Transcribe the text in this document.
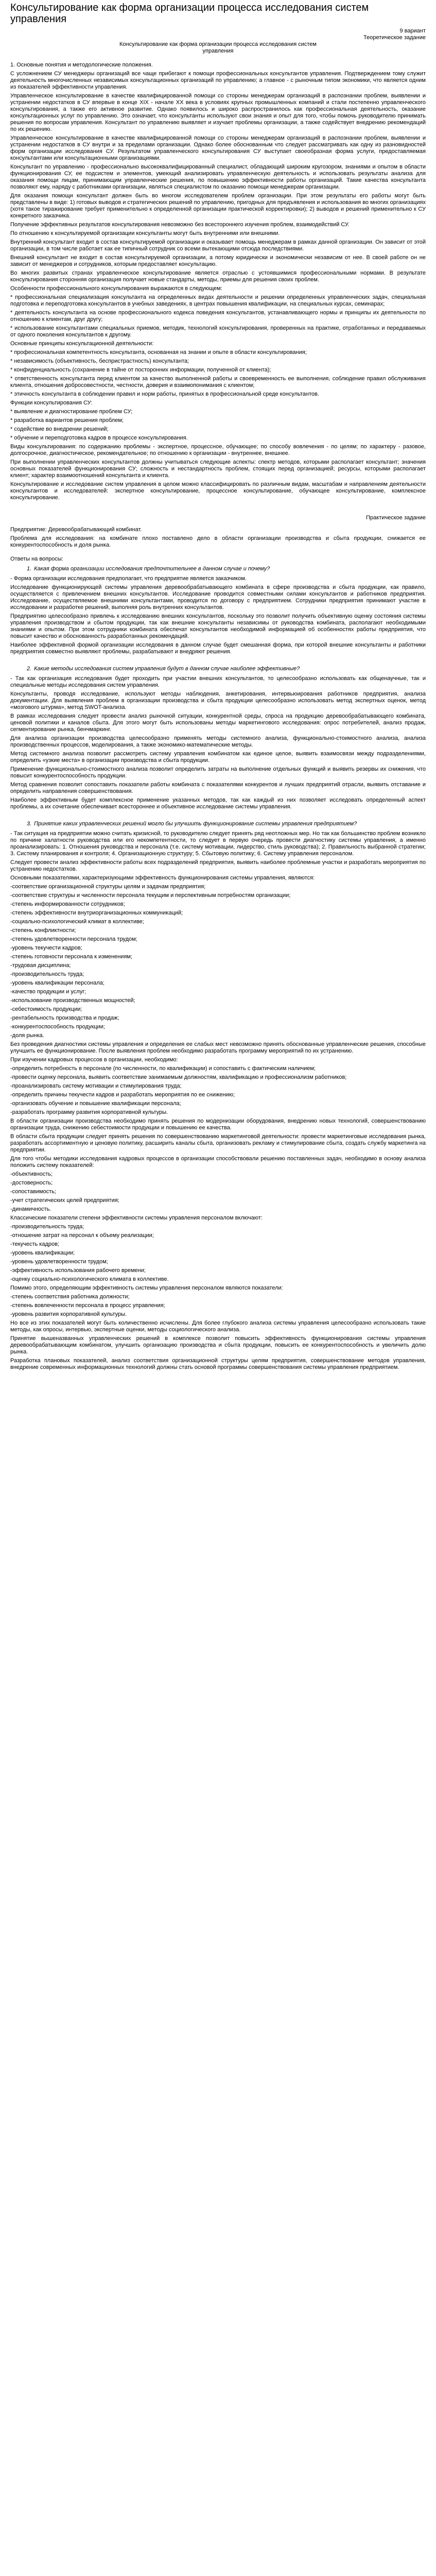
Консультирование как форма организации процесса исследования систем управления
9 вариант
Теоретическое задание
Консультирование как форма организации процесса исследования систем
управления
1. Основные понятия и методологические положения.

С усложнением СУ менеджеры организаций все чаще прибегают к помощи профессиональных консультантов управления. Подтверждением тому служит деятельность многочисленных независимых консультационных организаций по управлению; а главное - с рыночным типом экономики, что является одним из показателей эффективности управления.

Управленческое консультирование в качестве квалифицированной помощи со стороны менеджерам организаций в распознании проблем, выявлении и устранении недостатков в СУ впервые в конце XIX - начале ХХ века в условиях крупных промышленных компаний и стали постепенно управленческого консультирования, а также его активное развитие. Однако появилось и широко распространилось как профессиональная деятельность, оказание консультационных услуг по управлению. Это означает, что консультанты используют свои знания и опыт для того, чтобы помочь руководителю принимать решения по вопросам управления. Консультант по управлению выявляет и изучает проблемы организации, а также содействует внедрению рекомендаций по их решению.

Управленческое консультирование в качестве квалифицированной помощи со стороны менеджерам организаций в распознании проблем, выявлении и устранении недостатков в СУ внутри и за пределами организации. Однако более обоснованным что следует рассматривать как одну из разновидностей форм организации исследования СУ. Результатом управленческого консультирования СУ выступает своеобразная форма услуги, предоставляемая консультантами или консультационными организациями.

Консультант по управлению - профессионально высококвалифицированный специалист, обладающий широким кругозором, знаниями и опытом в области функционирования СУ, ее подсистем и элементов, умеющий анализировать управленческую деятельность и использовать результаты анализа для оказания помощи лицам, принимающим управленческие решения, по повышению эффективности работы организаций. Такие качества консультанта позволяют ему, наряду с работниками организации, являться специалистом по оказанию помощи менеджерам организации.

Для оказания помощи консультант должен быть во многом исследователем проблем организации. При этом результаты его работы могут быть представлены в виде: 1) готовых выводов и стратегических решений по управлению, пригодных для предъявления и использования во многих организациях (хотя такое тиражирование требует применительно к определенной организации практической корректировки); 2) выводов и решений применительно к СУ конкретного заказчика.

Получение эффективных результатов консультирования невозможно без всестороннего изучения проблем, взаимодействий СУ.

По отношению к консультируемой организации консультанты могут быть внутренними или внешними.

Внутренний консультант входит в состав консультируемой организации и оказывает помощь менеджерам в рамках данной организации. Он зависит от этой организации, в том числе работает как ее типичный сотрудник со всеми вытекающими отсюда последствиями.

Внешний консультант не входит в состав консультируемой организации, а потому юридически и экономически независим от нее. В своей работе он не зависит от менеджеров и сотрудников, которым предоставляет консультацию.

Во многих развитых странах управленческое консультирование является отраслью с устоявшимися профессиональными нормами. В результате консультирования сторонняя организация получает новые стандарты, методы, приемы для решения своих проблем.

Особенности профессионального консультирования выражаются в следующем:

* профессиональная специализация консультанта на определенных видах деятельности и решении определенных управленческих задач, специальная подготовка и переподготовка консультантов в учебных заведениях, в центрах повышения квалификации, на специальных курсах, семинарах;

* деятельность консультанта на основе профессионального кодекса поведения консультантов, устанавливающего нормы и принципы их деятельности по отношению к клиентам, друг другу;

* использование консультантами специальных приемов, методик, технологий консультирования, проверенных на практике, отработанных и передаваемых от одного поколения консультантов к другому.

Основные принципы консультационной деятельности:

* профессиональная компетентность консультанта, основанная на знании и опыте в области консультирования;

* независимость (объективность, беспристрастность) консультанта;

* конфиденциальность (сохранение в тайне от посторонних информации, полученной от клиента);

* ответственность консультанта перед клиентом за качество выполненной работы и своевременность ее выполнения, соблюдение правил обслуживания клиента, отношения добросовестности, честности, доверия и взаимопонимания с клиентом;

* этичность консультанта в соблюдении правил и норм работы, принятых в профессиональной среде консультантов.

Функции консультирования СУ:

* выявление и диагностирование проблем СУ;

* разработка вариантов решения проблем;

* содействие во внедрении решений;

* обучение и переподготовка кадров в процессе консультирования.

Виды консультирования: по содержанию проблемы - экспертное, процессное, обучающее; по способу вовлечения - по целям; по характеру - разовое, долгосрочное, диагностическое, рекомендательное; по отношению к организации - внутреннее, внешнее.

При выполнении управленческих консультантов должны учитываться следующие аспекты: спектр методов, которыми располагает консультант; значения основных показателей функционирования СУ; сложность и нестандартность проблем, стоящих перед организацией; ресурсы, которыми располагает клиент; характер взаимоотношений консультанта и клиента.

Консультирование и исследование систем управления в целом можно классифицировать по различным видам, масштабам и направлениям деятельности консультантов и исследователей: экспертное консультирование, процессное консультирование, обучающее консультирование, комплексное консультирование.

Практическое задание

Предприятие: Деревообрабатывающий комбинат.

Проблема для исследования: на комбинате плохо поставлено дело в области организации производства и сбыта продукции, снижается ее конкурентоспособность и доля рынка.

Ответы на вопросы:

1. Какая форма организации исследования предпочтительнее в данном случае и почему?

- Форма организации исследования предполагает, что предприятие является заказчиком.

Исследование функционирующей системы управления деревообрабатывающего комбината в сфере производства и сбыта продукции, как правило, осуществляется с привлечением внешних консультантов. Исследование проводится совместными силами консультантов и работников предприятия. Исследование, осуществляемое внешними консультантами, проводится по договору с предприятием. Сотрудники предприятия принимают участие в исследовании и разработке решений, выполняя роль внутренних консультантов.

Предприятию целесообразно привлечь к исследованию внешних консультантов, поскольку это позволит получить объективную оценку состояния системы управления производством и сбытом продукции, так как внешние консультанты независимы от руководства комбината, располагают необходимыми знаниями и опытом. При этом сотрудники комбината обеспечат консультантов необходимой информацией об особенностях работы предприятия, что повысит качество и обоснованность разработанных рекомендаций.

Наиболее эффективной формой организации исследования в данном случае будет смешанная форма, при которой внешние консультанты и работники предприятия совместно выявляют проблемы, разрабатывают и внедряют решения.

2. Какие методы исследования систем управления будут в данном случае наиболее эффективные?

- Так как организация исследования будет проходить при участии внешних консультантов, то целесообразно использовать как общенаучные, так и специальные методы исследования систем управления.

Консультанты, проводя исследование, используют методы наблюдения, анкетирования, интервьюирования работников предприятия, анализа документации. Для выявления проблем в организации производства и сбыта продукции целесообразно использовать метод экспертных оценок, метод «мозгового штурма», метод SWOT-анализа.

В рамках исследования следует провести анализ рыночной ситуации, конкурентной среды, спроса на продукцию деревообрабатывающего комбината, ценовой политики и каналов сбыта. Для этого могут быть использованы методы маркетингового исследования: опрос потребителей, анализ продаж, сегментирование рынка, бенчмаркинг.

Для анализа организации производства целесообразно применять методы системного анализа, функционально-стоимостного анализа, анализа производственных процессов, моделирования, а также экономико-математические методы.

Метод системного анализа позволит рассмотреть систему управления комбинатом как единое целое, выявить взаимосвязи между подразделениями, определить «узкие места» в организации производства и сбыта продукции.

Применение функционально-стоимостного анализа позволит определить затраты на выполнение отдельных функций и выявить резервы их снижения, что повысит конкурентоспособность продукции.

Метод сравнения позволит сопоставить показатели работы комбината с показателями конкурентов и лучших предприятий отрасли, выявить отставание и определить направления совершенствования.

Наиболее эффективным будет комплексное применение указанных методов, так как каждый из них позволяет исследовать определенный аспект проблемы, а их сочетание обеспечивает всестороннее и объективное исследование системы управления.

3. Принятие каких управленческих решений могло бы улучшить функционирование системы управления предприятием?

- Так ситуация на предприятии можно считать кризисной, то руководителю следует принять ряд неотложных мер. Но так как большинство проблем возникло по причине халатности руководства или его некомпетентности, то следует в первую очередь провести диагностику системы управления, а именно проанализировать: 1. Отношения руководства и персонала (т.е. систему мотивации, лидерство, стиль руководства); 2. Правильность выбранной стратегии; 3. Систему планирования и контроля; 4. Организационную структуру; 5. Сбытовую политику; 6. Систему управления персоналом.

Следует провести анализ эффективности работы всех подразделений предприятия, выявить наиболее проблемные участки и разработать мероприятия по устранению недостатков.

Основными показателями, характеризующими эффективность функционирования системы управления, являются:

-соответствие организационной структуры целям и задачам предприятия;

-соответствие структуры и численности персонала текущим и перспективным потребностям организации;

-степень информированности сотрудников;

-степень эффективности внутриорганизационных коммуникаций;

-социально-психологический климат в коллективе;

-степень конфликтности;

-степень удовлетворенности персонала трудом;

-уровень текучести кадров;

-степень готовности персонала к изменениям;

-трудовая дисциплина;

-производительность труда;

-уровень квалификации персонала;

-качество продукции и услуг;

-использование производственных мощностей;

-себестоимость продукции;

-рентабельность производства и продаж;

-конкурентоспособность продукции;

-доля рынка.

Без проведения диагностики системы управления и определения ее слабых мест невозможно принять обоснованные управленческие решения, способные улучшить ее функционирование. После выявления проблем необходимо разработать программу мероприятий по их устранению.

При изучении кадровых процессов в организации, необходимо:

-определить потребность в персонале (по численности, по квалификации) и сопоставить с фактическим наличием;

-провести оценку персонала, выявить соответствие занимаемым должностям, квалификацию и профессионализм работников;

-проанализировать систему мотивации и стимулирования труда;

-определить причины текучести кадров и разработать мероприятия по ее снижению;

-организовать обучение и повышение квалификации персонала;

-разработать программу развития корпоративной культуры.

В области организации производства необходимо принять решения по модернизации оборудования, внедрению новых технологий, совершенствованию организации труда, снижению себестоимости продукции и повышению ее качества.

В области сбыта продукции следует принять решения по совершенствованию маркетинговой деятельности: провести маркетинговые исследования рынка, разработать ассортиментную и ценовую политику, расширить каналы сбыта, организовать рекламу и стимулирование сбыта, создать службу маркетинга на предприятии.

Для того чтобы методики исследования кадровых процессов в организации способствовали решению поставленных задач, необходимо в основу анализа положить систему показателей:

-объективность;

-достоверность;

-сопоставимость;

-учет стратегических целей предприятия;

-динамичность.

Классические показатели степени эффективности системы управления персоналом включают:

-производительность труда;

-отношение затрат на персонал к объему реализации;

-текучесть кадров;

-уровень квалификации;

-уровень удовлетворенности трудом;

-эффективность использования рабочего времени;

-оценку социально-психологического климата в коллективе.

Помимо этого, определяющим эффективность системы управления персоналом являются показатели:

-степень соответствия работника должности;

-степень вовлеченности персонала в процесс управления;

-уровень развития корпоративной культуры.

Но все из этих показателей могут быть количественно исчислены. Для более глубокого анализа системы управления целесообразно использовать такие методы, как опросы, интервью, экспертные оценки, методы социологического анализа.

Принятие вышеназванных управленческих решений в комплексе позволит повысить эффективность функционирования системы управления деревообрабатывающим комбинатом, улучшить организацию производства и сбыта продукции, повысить ее конкурентоспособность и увеличить долю рынка.

Разработка плановых показателей, анализ соответствия организационной структуры целям предприятия, совершенствование методов управления, внедрение современных информационных технологий должны стать основой программы совершенствования системы управления предприятием.
